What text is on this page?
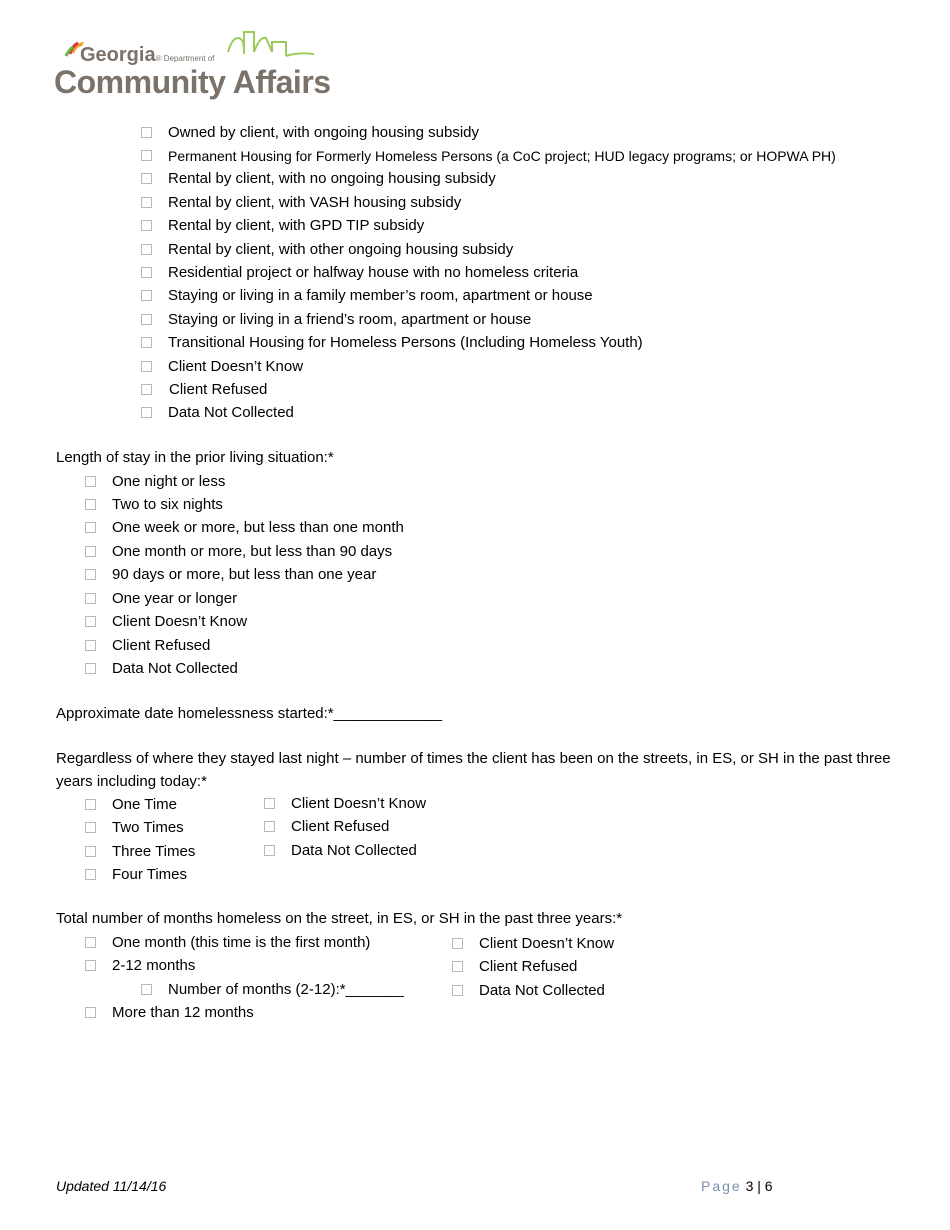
Georgia® Department of
Community Affairs
Owned by client, with ongoing housing subsidy
Permanent Housing for Formerly Homeless Persons (a CoC project; HUD legacy programs; or HOPWA PH)
Rental by client, with no ongoing housing subsidy
Rental by client, with VASH housing subsidy
Rental by client, with GPD TIP subsidy
Rental by client, with other ongoing housing subsidy
Residential project or halfway house with no homeless criteria
Staying or living in a family member’s room, apartment or house
Staying or living in a friend’s room, apartment or house
Transitional Housing for Homeless Persons (Including Homeless Youth)
Client Doesn’t Know
Client Refused
Data Not Collected
Length of stay in the prior living situation:*
One night or less
Two to six nights
One week or more, but less than one month
One month or more, but less than 90 days
90 days or more, but less than one year
One year or longer
Client Doesn’t Know
Client Refused
Data Not Collected
Approximate date homelessness started:*_____________
Regardless of where they stayed last night – number of times the client has been on the streets, in ES, or SH in the past three years including today:*
One Time
Two Times
Three Times
Four Times
Client Doesn’t Know
Client Refused
Data Not Collected
Total number of months homeless on the street, in ES, or SH in the past three years:*
One month (this time is the first month)
2-12 months
Number of months (2-12):*_______
More than 12 months
Client Doesn’t Know
Client Refused
Data Not Collected
Updated 11/14/16	Page 3 | 6
